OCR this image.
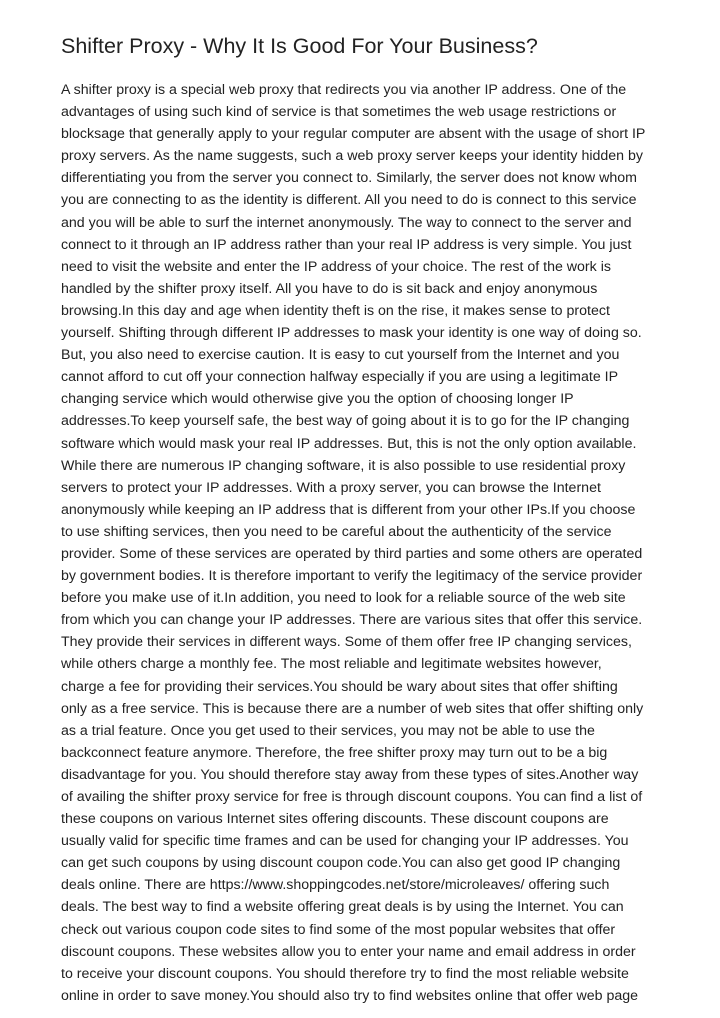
Shifter Proxy - Why It Is Good For Your Business?

A shifter proxy is a special web proxy that redirects you via another IP address. One of the
advantages of using such kind of service is that sometimes the web usage restrictions or
blocksage that generally apply to your regular computer are absent with the usage of short IP
proxy servers. As the name suggests, such a web proxy server keeps your identity hidden by
differentiating you from the server you connect to. Similarly, the server does not know whom
you are connecting to as the identity is different. All you need to do is connect to this service
and you will be able to surf the internet anonymously. The way to connect to the server and
connect to it through an IP address rather than your real IP address is very simple. You just
need to visit the website and enter the IP address of your choice. The rest of the work is
handled by the shifter proxy itself. All you have to do is sit back and enjoy anonymous
browsing.In this day and age when identity theft is on the rise, it makes sense to protect
yourself. Shifting through different IP addresses to mask your identity is one way of doing so.
But, you also need to exercise caution. It is easy to cut yourself from the Internet and you
cannot afford to cut off your connection halfway especially if you are using a legitimate IP
changing service which would otherwise give you the option of choosing longer IP
addresses.To keep yourself safe, the best way of going about it is to go for the IP changing
software which would mask your real IP addresses. But, this is not the only option available.
While there are numerous IP changing software, it is also possible to use residential proxy
servers to protect your IP addresses. With a proxy server, you can browse the Internet
anonymously while keeping an IP address that is different from your other IPs.If you choose
to use shifting services, then you need to be careful about the authenticity of the service
provider. Some of these services are operated by third parties and some others are operated
by government bodies. It is therefore important to verify the legitimacy of the service provider
before you make use of it.In addition, you need to look for a reliable source of the web site
from which you can change your IP addresses. There are various sites that offer this service.
They provide their services in different ways. Some of them offer free IP changing services,
while others charge a monthly fee. The most reliable and legitimate websites however,
charge a fee for providing their services.You should be wary about sites that offer shifting
only as a free service. This is because there are a number of web sites that offer shifting only
as a trial feature. Once you get used to their services, you may not be able to use the
backconnect feature anymore. Therefore, the free shifter proxy may turn out to be a big
disadvantage for you. You should therefore stay away from these types of sites.Another way
of availing the shifter proxy service for free is through discount coupons. You can find a list of
these coupons on various Internet sites offering discounts. These discount coupons are
usually valid for specific time frames and can be used for changing your IP addresses. You
can get such coupons by using discount coupon code.You can also get good IP changing
deals online. There are https://www.shoppingcodes.net/store/microleaves/ offering such
deals. The best way to find a website offering great deals is by using the Internet. You can
check out various coupon code sites to find some of the most popular websites that offer
discount coupons. These websites allow you to enter your name and email address in order
to receive your discount coupons. You should therefore try to find the most reliable website
online in order to save money.You should also try to find websites online that offer web page
